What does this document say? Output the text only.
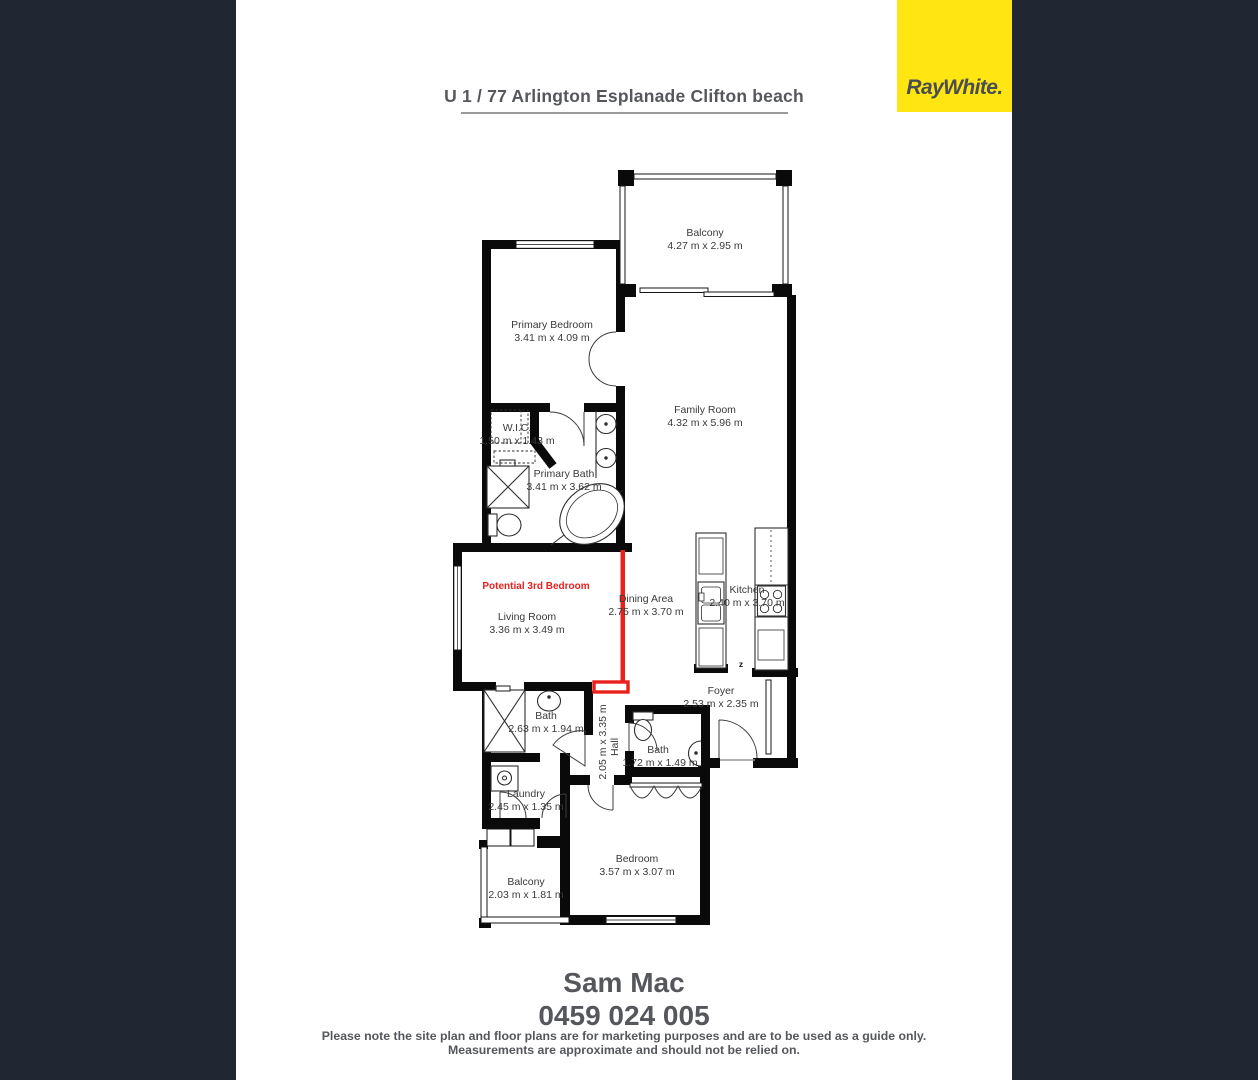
U 1 / 77 Arlington Esplanade Clifton beach	RayWhite.
Potential 3rd Bedroom
Balcony
4.27 m x 2.95 m
Primary Bedroom
3.41 m x 4.09 m
Family Room
4.32 m x 5.96 m
W.I.C.
1.50 m x 1.43 m
Primary Bath
3.41 m x 3.62 m
Living Room
3.36 m x 3.49 m
Dining Area
2.75 m x 3.70 m
Kitchen
2.40 m x 3.70 m
Foyer
2.53 m x 2.35 m
Bath
2.63 m x 1.94 m
Hall
2.05 m x 3.35 m	Bath
1.72 m x 1.49 m
Laundry
2.45 m x 1.35 m
Bedroom
3.57 m x 3.07 m
Balcony
2.03 m x 1.81 m
z
Sam Mac
0459 024 005
Please note the site plan and floor plans are for marketing purposes and are to be used as a guide only.
Measurements are approximate and should not be relied on.
